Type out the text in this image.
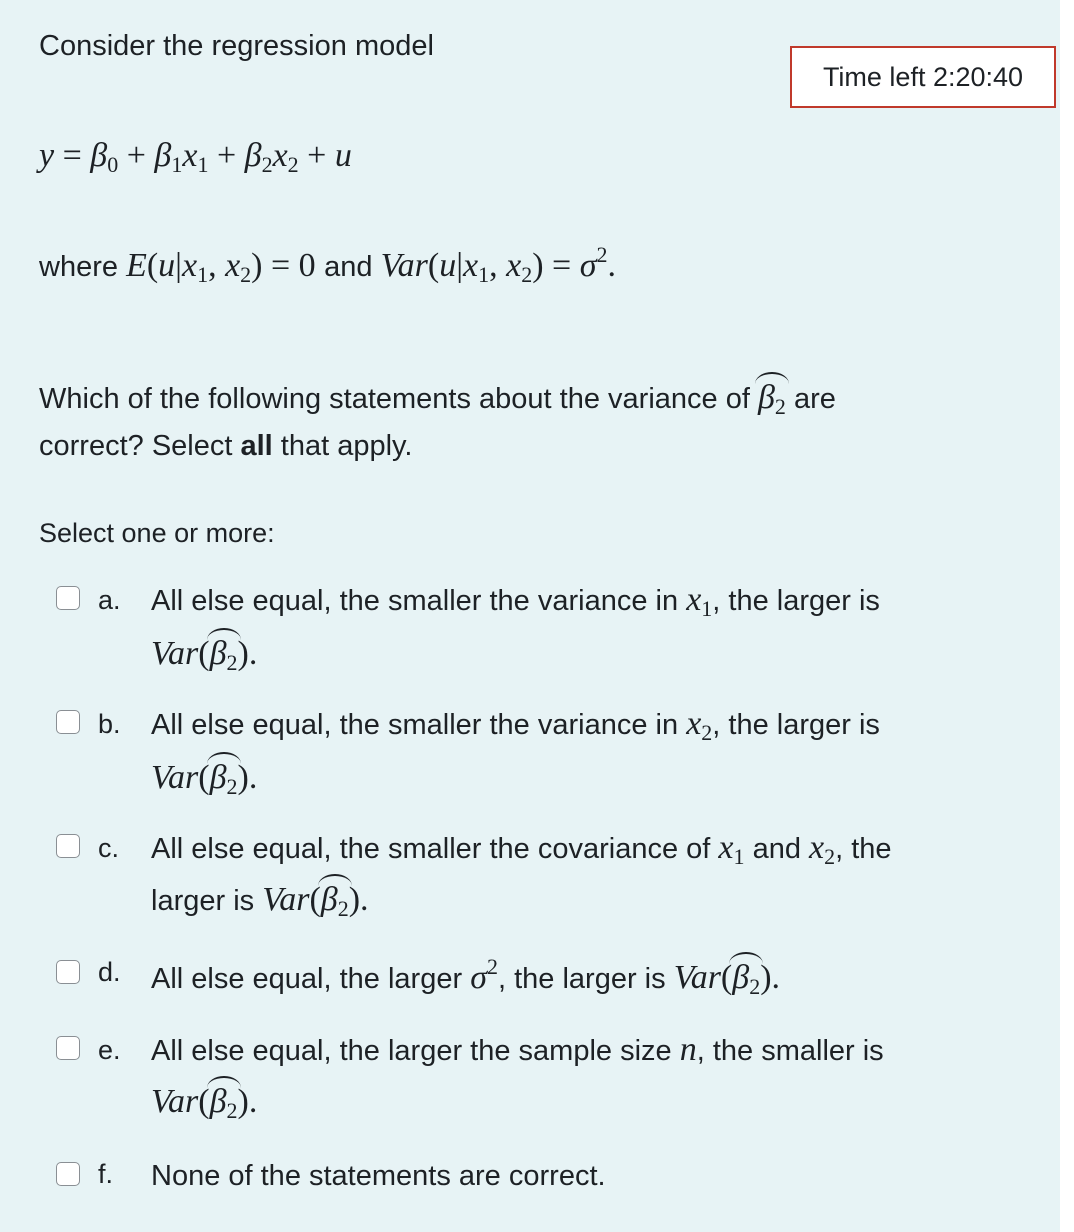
Time left 2:20:40
Consider the regression model
$y = \beta_0 + \beta_1x_1 + \beta_2x_2 + u$
where $E(u|x_1$, $x_2) = 0$ and $Var(u|x_1$, $x_2) = \sigma^2$.
Which of the following statements about the variance of $\beta_2$ are
correct? Select all that apply.
Select one or more:
a. All else equal, the smaller the variance in $x_1$, the larger is
$Var(\beta_2)$.
b. All else equal, the smaller the variance in $x_2$, the larger is
$Var(\beta_2)$.
c. All else equal, the smaller the covariance of $x_1$ and $x_2$, the
larger is $Var(\beta_2)$.
d. All else equal, the larger $\sigma^2$, the larger is $Var(\beta_2)$.
e. All else equal, the larger the sample size n, the smaller is
$Var(\beta_2)$.
f. None of the statements are correct.
